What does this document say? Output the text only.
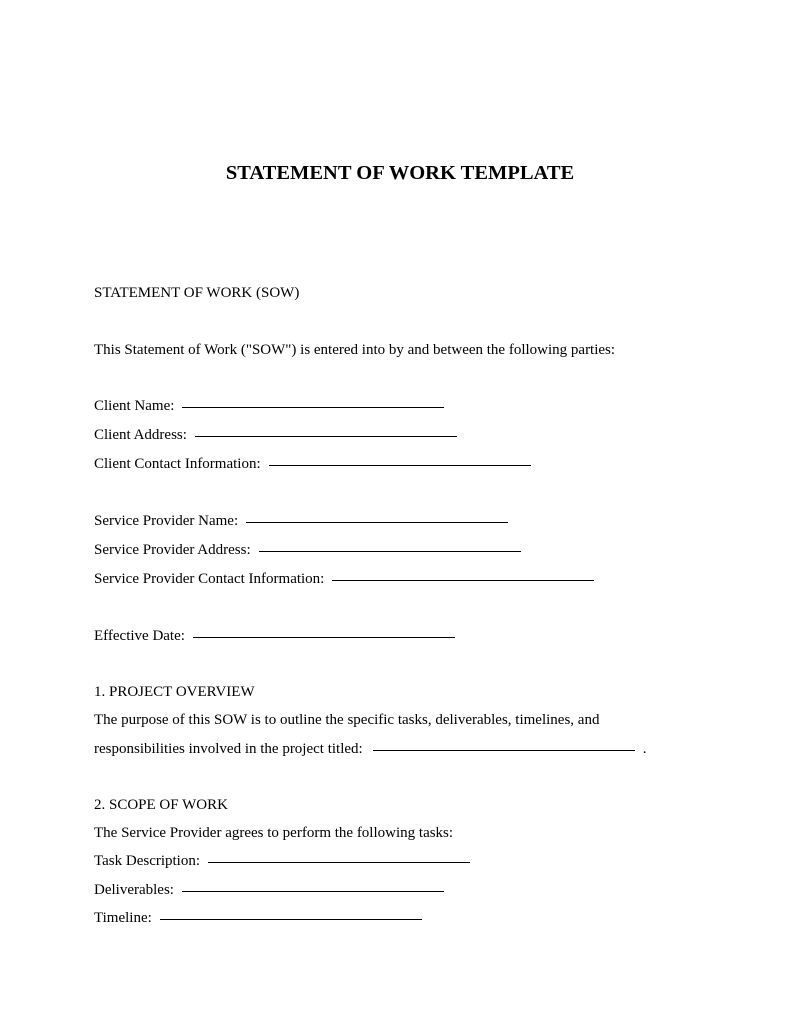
STATEMENT OF WORK TEMPLATE
STATEMENT OF WORK (SOW)
This Statement of Work ("SOW") is entered into by and between the following parties:
Client Name:
Client Address:
Client Contact Information:
Service Provider Name:
Service Provider Address:
Service Provider Contact Information:
Effective Date:
1. PROJECT OVERVIEW
The purpose of this SOW is to outline the specific tasks, deliverables, timelines, and
responsibilities involved in the project titled:	.
2. SCOPE OF WORK
The Service Provider agrees to perform the following tasks:
Task Description:
Deliverables:
Timeline:
